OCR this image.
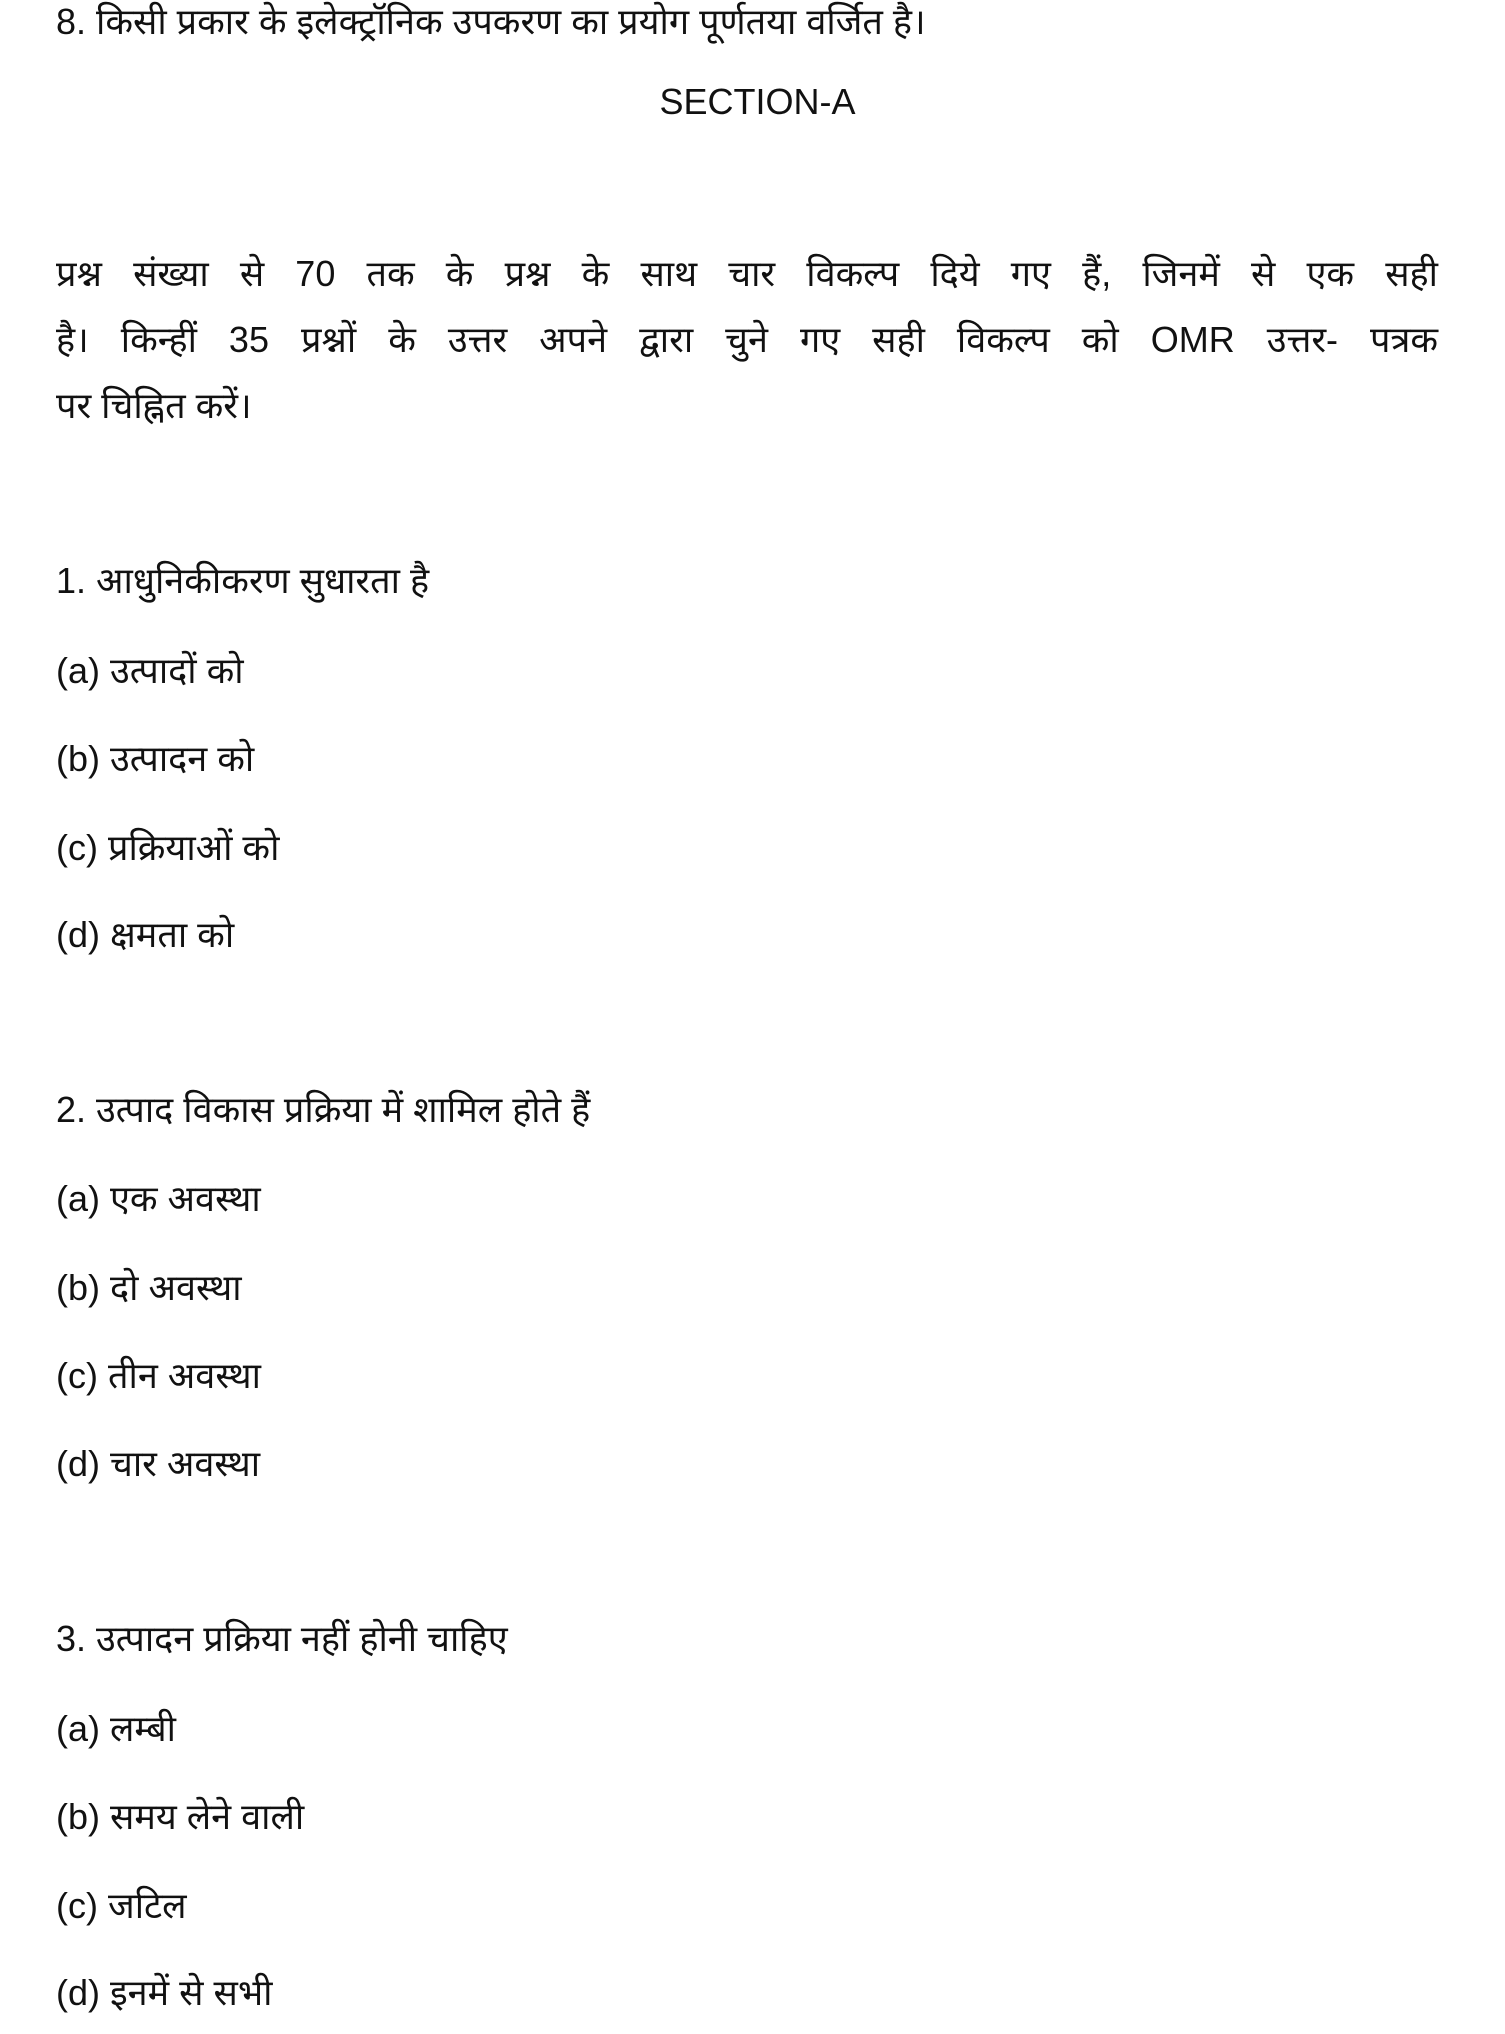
8. किसी प्रकार के इलेक्ट्रॉनिक उपकरण का प्रयोग पूर्णतया वर्जित है।
SECTION-A
प्रश्न संख्या से 70 तक के प्रश्न के साथ चार विकल्प दिये गए हैं, जिनमें से एक सही
है। किन्हीं 35 प्रश्नों के उत्तर अपने द्वारा चुने गए सही विकल्प को OMR उत्तर- पत्रक
पर चिह्नित करें।
1. आधुनिकीकरण सुधारता है
(a) उत्पादों को
(b) उत्पादन को
(c) प्रक्रियाओं को
(d) क्षमता को
2. उत्पाद विकास प्रक्रिया में शामिल होते हैं
(a) एक अवस्था
(b) दो अवस्था
(c) तीन अवस्था
(d) चार अवस्था
3. उत्पादन प्रक्रिया नहीं होनी चाहिए
(a) लम्बी
(b) समय लेने वाली
(c) जटिल
(d) इनमें से सभी
